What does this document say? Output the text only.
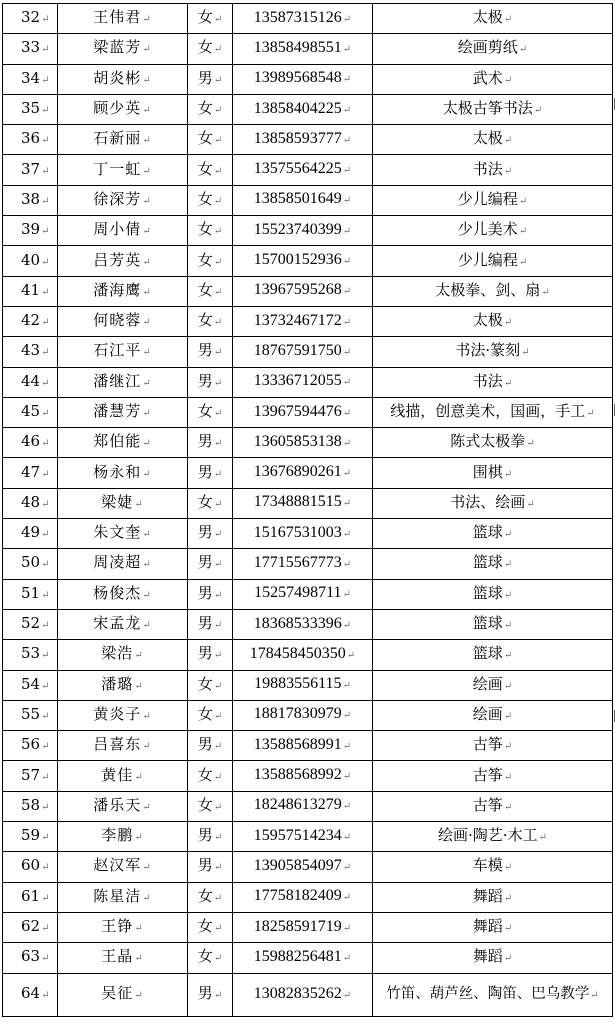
32↵	王伟君↵	女↵	13587315126↵	太极↵
33↵	梁蓝芳↵	女↵	13858498551↵	绘画剪纸↵
34↵	胡炎彬↵	男↵	13989568548↵	武术↵
35↵	顾少英↵	女↵	13858404225↵	太极古筝书法↵
36↵	石新丽↵	女↵	13858593777↵	太极↵
37↵	丁一虹↵	女↵	13575564225↵	书法↵
38↵	徐深芳↵	女↵	13858501649↵	少儿编程↵
39↵	周小倩↵	女↵	15523740399↵	少儿美术↵
40↵	吕芳英↵	女↵	15700152936↵	少儿编程↵
41↵	潘海鹰↵	女↵	13967595268↵	太极拳、剑、扇↵
42↵	何晓蓉↵	女↵	13732467172↵	太极↵
43↵	石江平↵	男↵	18767591750↵	书法·篆刻↵
44↵	潘继江↵	男↵	13336712055↵	书法↵
45↵	潘慧芳↵	女↵	13967594476↵	线描，创意美术，国画，手工↵
46↵	郑伯能↵	男↵	13605853138↵	陈式太极拳↵
47↵	杨永和↵	男↵	13676890261↵	围棋↵
48↵	梁婕↵	女↵	17348881515↵	书法、绘画↵
49↵	朱文奎↵	男↵	15167531003↵	篮球↵
50↵	周凌超↵	男↵	17715567773↵	篮球↵
51↵	杨俊杰↵	男↵	15257498711↵	篮球↵
52↵	宋孟龙↵	男↵	18368533396↵	篮球↵
53↵	梁浩↵	男↵	178458450350↵	篮球↵
54↵	潘璐↵	女↵	19883556115↵	绘画↵
55↵	黄炎子↵	女↵	18817830979↵	绘画↵
56↵	吕喜东↵	男↵	13588568991↵	古筝↵
57↵	黄佳↵	女↵	13588568992↵	古筝↵
58↵	潘乐天↵	女↵	18248613279↵	古筝↵
59↵	李鹏↵	男↵	15957514234↵	绘画·陶艺·木工↵
60↵	赵汉军↵	男↵	13905854097↵	车模↵
61↵	陈星洁↵	女↵	17758182409↵	舞蹈↵
62↵	王铮↵	女↵	18258591719↵	舞蹈↵
63↵	王晶↵	女↵	15988256481↵	舞蹈↵
64↵	吴征↵	男↵	13082835262↵	竹笛、葫芦丝、陶笛、巴乌教学↵
